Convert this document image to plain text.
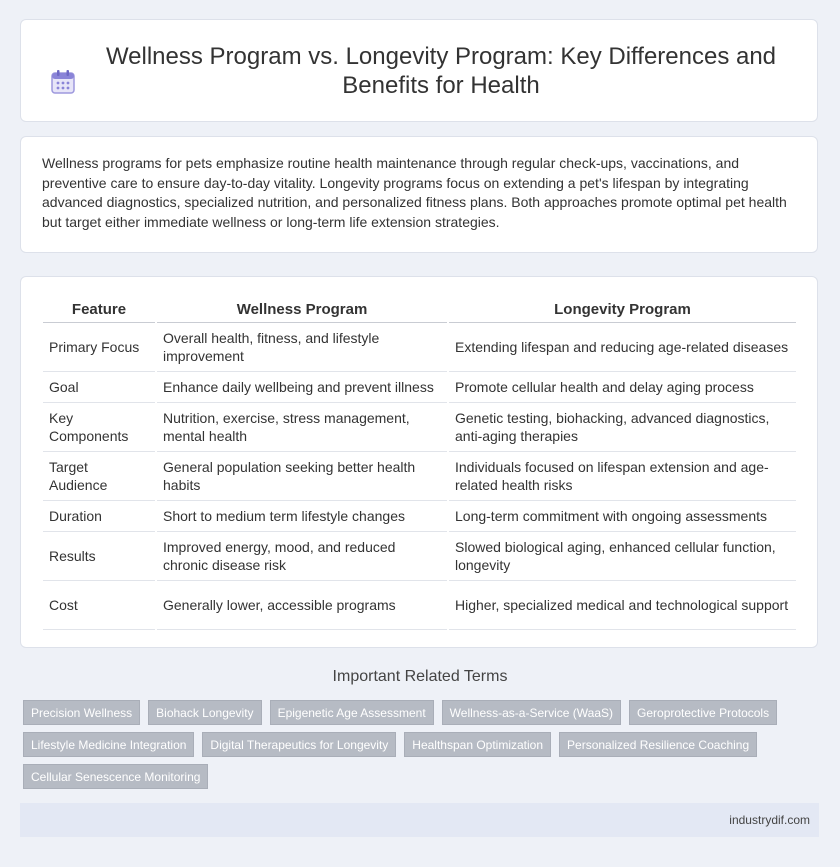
Wellness Program vs. Longevity Program: Key Differences and Benefits for Health

Wellness programs for pets emphasize routine health maintenance through regular check-ups, vaccinations, and preventive care to ensure day-to-day vitality. Longevity programs focus on extending a pet's lifespan by integrating advanced diagnostics, specialized nutrition, and personalized fitness plans. Both approaches promote optimal pet health but target either immediate wellness or long-term life extension strategies.

Feature	Wellness Program	Longevity Program
Primary Focus	Overall health, fitness, and lifestyle improvement	Extending lifespan and reducing age-related diseases
Goal	Enhance daily wellbeing and prevent illness	Promote cellular health and delay aging process
Key Components	Nutrition, exercise, stress management, mental health	Genetic testing, biohacking, advanced diagnostics, anti-aging therapies
Target Audience	General population seeking better health habits	Individuals focused on lifespan extension and age-related health risks
Duration	Short to medium term lifestyle changes	Long-term commitment with ongoing assessments
Results	Improved energy, mood, and reduced chronic disease risk	Slowed biological aging, enhanced cellular function, longevity
Cost	Generally lower, accessible programs	Higher, specialized medical and technological support
Important Related Terms
Precision Wellness	Biohack Longevity	Epigenetic Age Assessment	Wellness-as-a-Service (WaaS)	Geroprotective Protocols
Lifestyle Medicine Integration	Digital Therapeutics for Longevity	Healthspan Optimization	Personalized Resilience Coaching
Cellular Senescence Monitoring
industrydif.com
